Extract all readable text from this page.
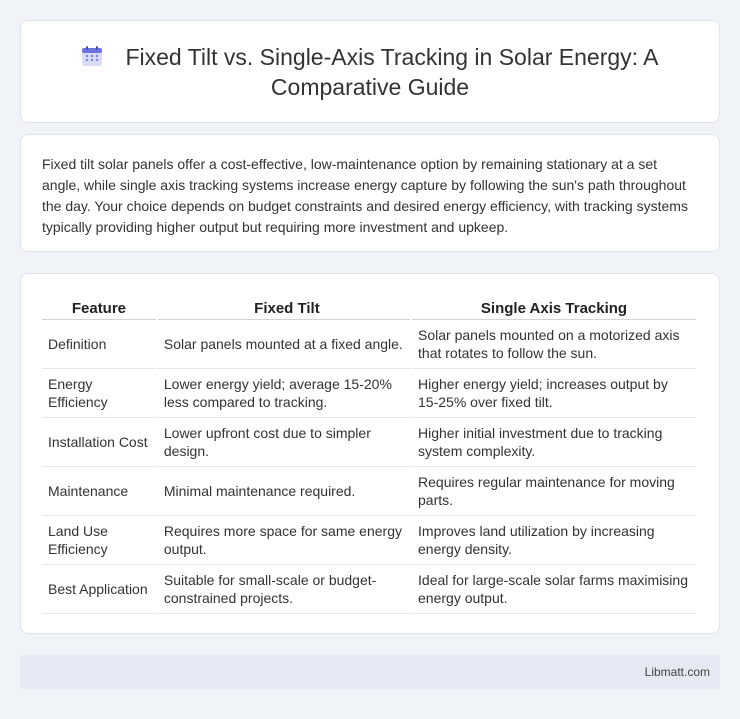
Fixed Tilt vs. Single-Axis Tracking in Solar Energy: A Comparative Guide

Fixed tilt solar panels offer a cost-effective, low-maintenance option by remaining stationary at a set angle, while single axis tracking systems increase energy capture by following the sun's path throughout the day. Your choice depends on budget constraints and desired energy efficiency, with tracking systems typically providing higher output but requiring more investment and upkeep.

Feature	Fixed Tilt	Single Axis Tracking
Definition	Solar panels mounted at a fixed angle.	Solar panels mounted on a motorized axis that rotates to follow the sun.
Energy Efficiency	Lower energy yield; average 15-20% less compared to tracking.	Higher energy yield; increases output by 15-25% over fixed tilt.
Installation Cost	Lower upfront cost due to simpler design.	Higher initial investment due to tracking system complexity.
Maintenance	Minimal maintenance required.	Requires regular maintenance for moving parts.
Land Use Efficiency	Requires more space for same energy output.	Improves land utilization by increasing energy density.
Best Application	Suitable for small-scale or budget-constrained projects.	Ideal for large-scale solar farms maximising energy output.
Libmatt.com
